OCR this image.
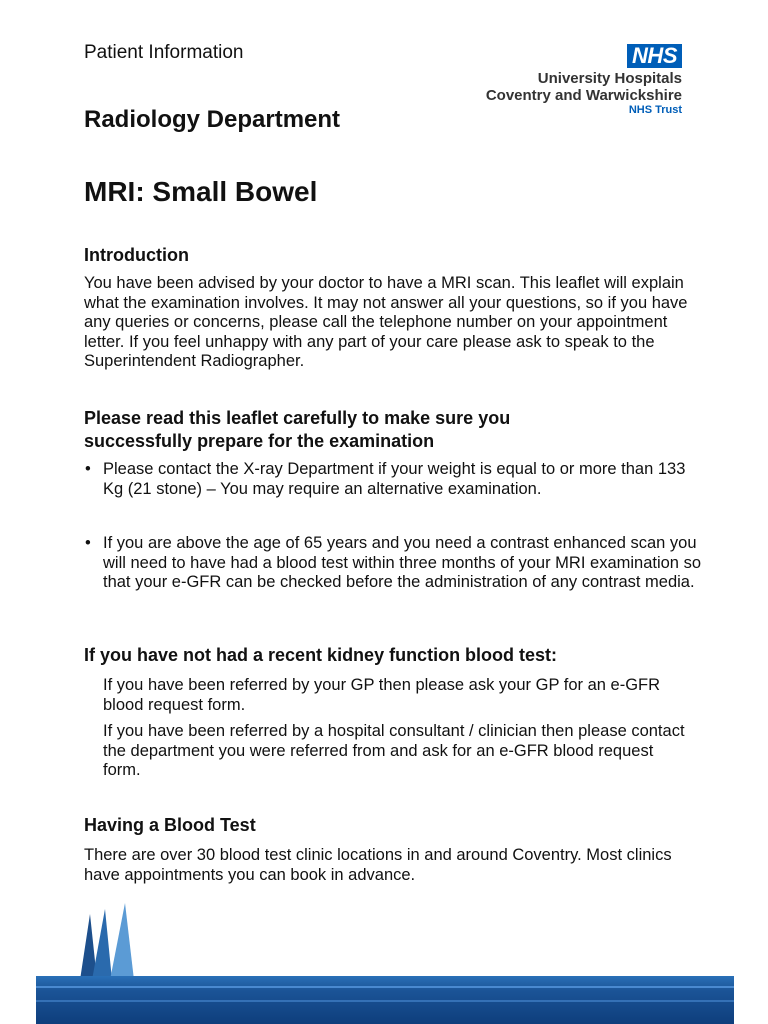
Patient Information	NHS
University Hospitals
Coventry and Warwickshire
NHS Trust
Radiology Department
MRI: Small Bowel
Introduction
You have been advised by your doctor to have a MRI scan. This leaflet will explain what the examination involves. It may not answer all your questions, so if you have any queries or concerns, please call the telephone number on your appointment letter. If you feel unhappy with any part of your care please ask to speak to the Superintendent Radiographer.
Please read this leaflet carefully to make sure you successfully prepare for the examination
• Please contact the X-ray Department if your weight is equal to or more than 133 Kg (21 stone) – You may require an alternative examination.
• If you are above the age of 65 years and you need a contrast enhanced scan you will need to have had a blood test within three months of your MRI examination so that your e-GFR can be checked before the administration of any contrast media.
If you have not had a recent kidney function blood test:
If you have been referred by your GP then please ask your GP for an e-GFR blood request form.
If you have been referred by a hospital consultant / clinician then please contact the department you were referred from and ask for an e-GFR blood request form.
Having a Blood Test
There are over 30 blood test clinic locations in and around Coventry. Most clinics have appointments you can book in advance.
